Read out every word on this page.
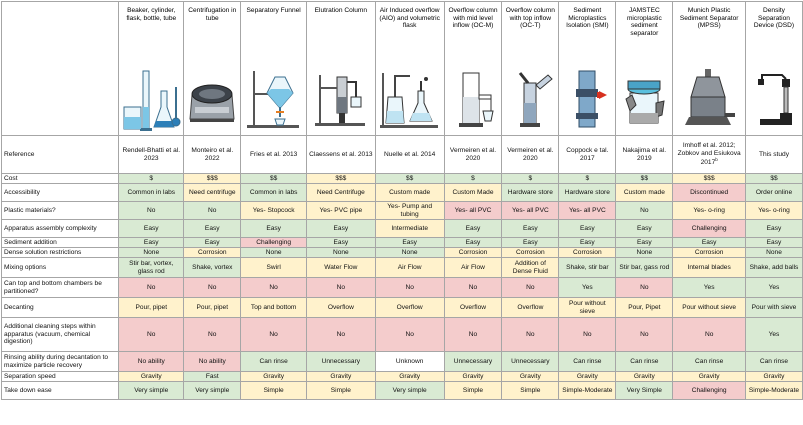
	Beaker, cylinder, flask, bottle, tube	Centrifugation in tube	Separatory Funnel	Elutration Column	Air Induced overflow (AIO) and volumetric flask	Overflow column with mid level inflow (OC-M)	Overflow column with top inflow (OC-T)	Sediment Microplastics Isolation (SMI)	JAMSTEC microplastic sediment separator	Munich Plastic Sediment Separator (MPSS)	Density Separation Device (DSD)

Reference	Rendell-Bhatti et al. 2023	Monteiro et al. 2022	Fries et al. 2013	Claessens et al. 2013	Nuelle et al. 2014	Vermeiren et al. 2020	Vermeiren et al. 2020	Coppock e tal. 2017	Nakajima et al. 2019	Imhoff et al. 2012; Zobkov and Esiukova 2017$^b$	This study
Cost	$	$$$	$$	$$$	$$	$	$	$	$$	$$$	$$
Accessibility	Common in labs	Need centrifuge	Common in labs	Need Centrifuge	Custom made	Custom Made	Hardware store	Hardware store	Custom made	Discontinued	Order online
Plastic materials?	No	No	Yes- Stopcock	Yes- PVC pipe	Yes- Pump and tubing	Yes- all PVC	Yes- all PVC	Yes- all PVC	No	Yes- o-ring	Yes- o-ring
Apparatus assembly complexity	Easy	Easy	Easy	Easy	Intermediate	Easy	Easy	Easy	Easy	Challenging	Easy
Sediment addition	Easy	Easy	Challenging	Easy	Easy	Easy	Easy	Easy	Easy	Easy	Easy
Dense solution restrictions	None	Corrosion	None	None	None	Corrosion	Corrosion	Corrosion	None	Corrosion	None
Mixing options	Stir bar, vortex, glass rod	Shake, vortex	Swirl	Water Flow	Air Flow	Air Flow	Addition of Dense Fluid	Shake, stir bar	Stir bar, gass rod	Internal blades	Shake, add balls
Can top and bottom chambers be partitioned?	No	No	No	No	No	No	No	Yes	No	Yes	Yes
Decanting	Pour, pipet	Pour, pipet	Top and bottom	Overflow	Overflow	Overflow	Overflow	Pour without sieve	Pour, Pipet	Pour without sieve	Pour with sieve
Additional cleaning steps within apparatus (vacuum, chemical digestion)	No	No	No	No	No	No	No	No	No	No	Yes
Rinsing ability during decantation to maximize particle recovery	No ability	No ability	Can rinse	Unnecessary	Unknown	Unnecessary	Unnecessary	Can rinse	Can rinse	Can rinse	Can rinse
Separation speed	Gravity	Fast	Gravity	Gravity	Gravity	Gravity	Gravity	Gravity	Gravity	Gravity	Gravity
Take down ease	Very simple	Very simple	Simple	Simple	Very simple	Simple	Simple	Simple-Moderate	Very Simple	Challenging	Simple-Moderate
